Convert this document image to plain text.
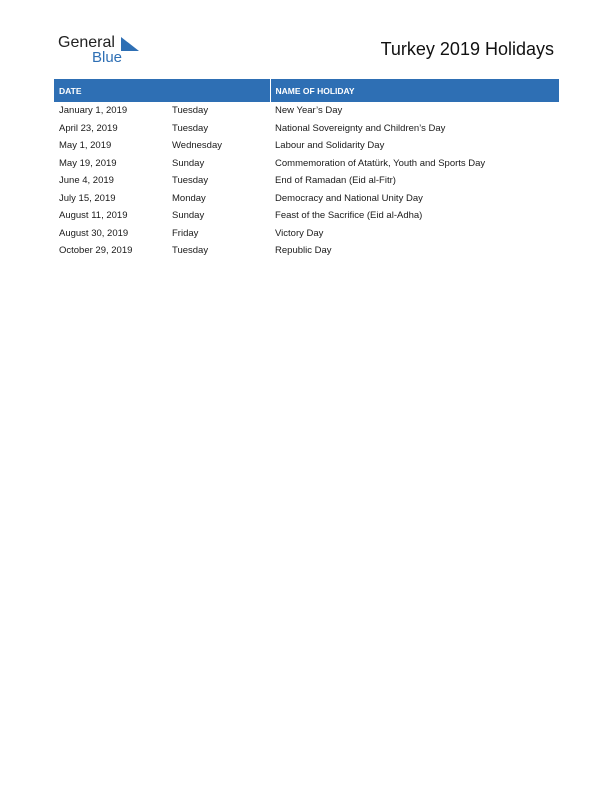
General
Blue	Turkey 2019 Holidays
DATE		NAME OF HOLIDAY
January 1, 2019	Tuesday	New Year’s Day
April 23, 2019	Tuesday	National Sovereignty and Children’s Day
May 1, 2019	Wednesday	Labour and Solidarity Day
May 19, 2019	Sunday	Commemoration of Atatürk, Youth and Sports Day
June 4, 2019	Tuesday	End of Ramadan (Eid al-Fitr)
July 15, 2019	Monday	Democracy and National Unity Day
August 11, 2019	Sunday	Feast of the Sacrifice (Eid al-Adha)
August 30, 2019	Friday	Victory Day
October 29, 2019	Tuesday	Republic Day
